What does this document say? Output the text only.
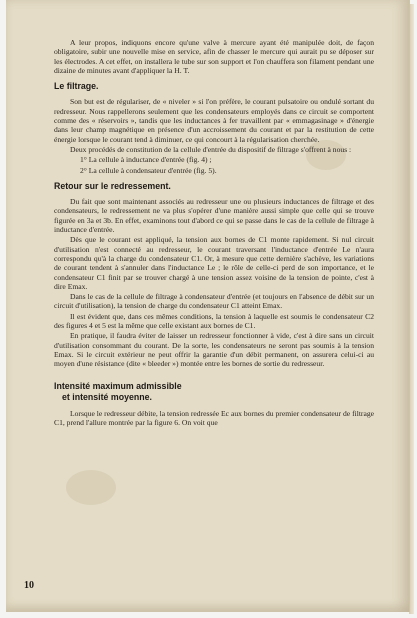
A leur propos, indiquons encore qu'une valve à mercure ayant été manipulée doit, de façon obligatoire, subir une nouvelle mise en service, afin de chasser le mercure qui aurait pu se déposer sur les électrodes. A cet effet, on installera le tube sur son support et l'on chauffera son filament pendant une dizaine de minutes avant d'appliquer la H. T.

Le filtrage.

Son but est de régulariser, de « niveler » si l'on préfère, le courant pulsatoire ou ondulé sortant du redresseur. Nous rappellerons seulement que les condensateurs employés dans ce circuit se comportent comme des « réservoirs », tandis que les inductances à fer travaillent par « emmagasinage » d'énergie dans leur champ magnétique en présence d'un accroissement du courant et par la restitution de cette énergie lorsque le courant tend à diminuer, ce qui concourt à la régularisation cherchée.

Deux procédés de constitution de la cellule d'entrée du dispositif de filtrage s'offrent à nous :

1° La cellule à inductance d'entrée (fig. 4) ;
2° La cellule à condensateur d'entrée (fig. 5).
Retour sur le redressement.

Du fait que sont maintenant associés au redresseur une ou plusieurs inductances de filtrage et des condensateurs, le redressement ne va plus s'opérer d'une manière aussi simple que celle qui se trouve figurée en 3a et 3b. En effet, examinons tout d'abord ce qui se passe dans le cas de la cellule de filtrage à inductance d'entrée.

Dès que le courant est appliqué, la tension aux bornes de C1 monte rapidement. Si nul circuit d'utilisation n'est connecté au redresseur, le courant traversant l'inductance d'entrée Le n'aura correspondu qu'à la charge du condensateur C1. Or, à mesure que cette dernière s'achève, les variations de courant tendent à s'annuler dans l'inductance Le ; le rôle de celle-ci perd de son importance, et le condensateur C1 finit par se trouver chargé à une tension assez voisine de la tension de pointe, c'est à dire Emax.

Dans le cas de la cellule de filtrage à condensateur d'entrée (et toujours en l'absence de débit sur un circuit d'utilisation), la tension de charge du condensateur C1 atteint Emax.

Il est évident que, dans ces mêmes conditions, la tension à laquelle est soumis le condensateur C2 des figures 4 et 5 est la même que celle existant aux bornes de C1.

En pratique, il faudra éviter de laisser un redresseur fonctionner à vide, c'est à dire sans un circuit d'utilisation consommant du courant. De la sorte, les condensateurs ne seront pas soumis à la tension Emax. Si le circuit extérieur ne peut offrir la garantie d'un débit permanent, on assurera celui-ci au moyen d'une résistance (dite « bleeder ») montée entre les bornes de sortie du redresseur.

Intensité maximum admissible
et intensité moyenne.

Lorsque le redresseur débite, la tension redressée Ec aux bornes du premier condensateur de filtrage C1, prend l'allure montrée par la figure 6. On voit que

10
